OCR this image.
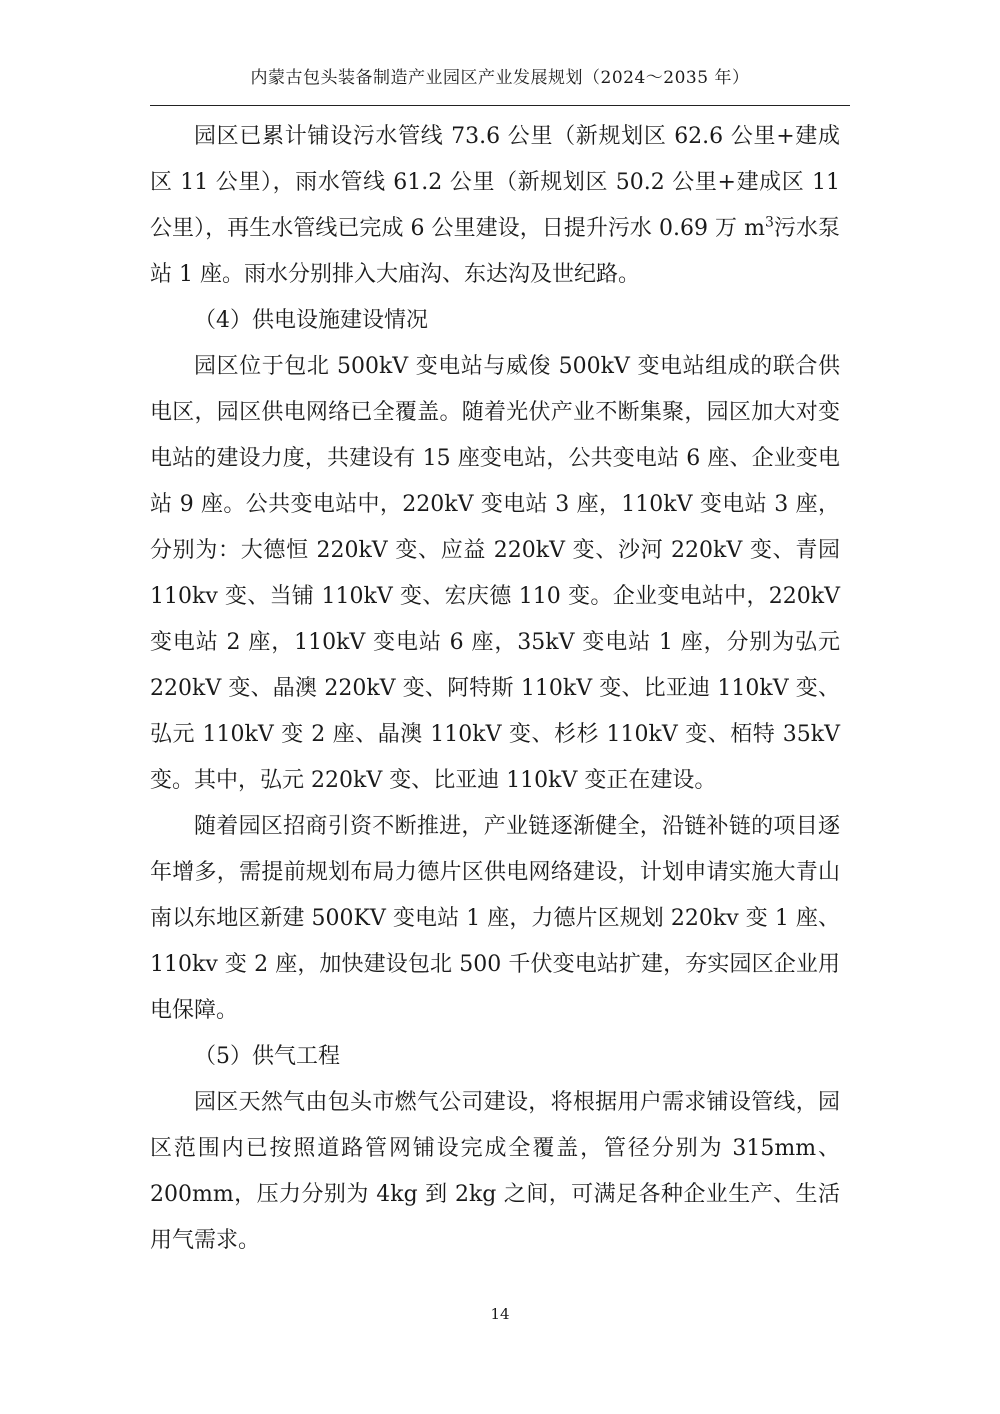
内蒙古包头装备制造产业园区产业发展规划（2024～2035 年）

园区已累计铺设污水管线 73.6 公里（新规划区 62.6 公里+建成区 11 公里），雨水管线 61.2 公里（新规划区 50.2 公里+建成区 11 公里），再生水管线已完成 6 公里建设，日提升污水 0.69 万 $m^3$污水泵站 1 座。雨水分别排入大庙沟、东达沟及世纪路。

（4）供电设施建设情况

园区位于包北 500kV 变电站与威俊 500kV 变电站组成的联合供电区，园区供电网络已全覆盖。随着光伏产业不断集聚，园区加大对变电站的建设力度，共建设有 15 座变电站，公共变电站 6 座、企业变电站 9 座。公共变电站中，220kV 变电站 3 座，110kV 变电站 3 座，分别为：大德恒 220kV 变、应益 220kV 变、沙河 220kV 变、青园 110kv 变、当铺 110kV 变、宏庆德 110 变。企业变电站中，220kV 变电站 2 座，110kV 变电站 6 座，35kV 变电站 1 座，分别为弘元 220kV 变、晶澳 220kV 变、阿特斯 110kV 变、比亚迪 110kV 变、弘元 110kV 变 2 座、晶澳 110kV 变、杉杉 110kV 变、栢特 35kV 变。其中，弘元 220kV 变、比亚迪 110kV 变正在建设。

随着园区招商引资不断推进，产业链逐渐健全，沿链补链的项目逐年增多，需提前规划布局力德片区供电网络建设，计划申请实施大青山南以东地区新建 500KV 变电站 1 座，力德片区规划 220kv 变 1 座、110kv 变 2 座，加快建设包北 500 千伏变电站扩建，夯实园区企业用电保障。

（5）供气工程

园区天然气由包头市燃气公司建设，将根据用户需求铺设管线，园区范围内已按照道路管网铺设完成全覆盖，管径分别为 315mm、200mm，压力分别为 4kg 到 2kg 之间，可满足各种企业生产、生活用气需求。

14
